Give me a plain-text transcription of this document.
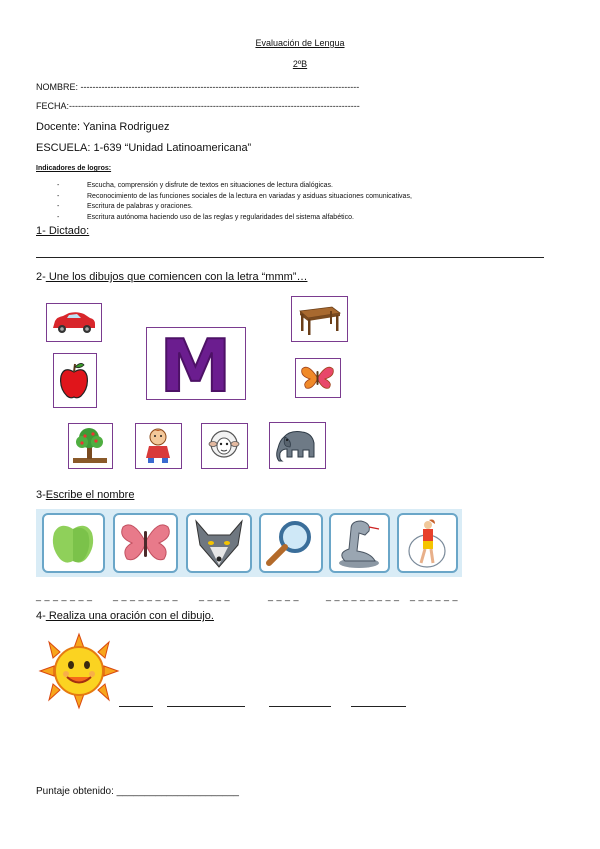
Evaluación de Lengua
2ºB
NOMBRE: ---------------------------------------------------------------------------------------------
FECHA:-------------------------------------------------------------------------------------------------
Docente: Yanina Rodriguez
ESCUELA: 1-639 “Unidad Latinoamericana”
Indicadores de logros:
- Escucha, comprensión y disfrute de textos en situaciones de lectura dialógicas.
- Reconocimiento de las funciones sociales de la lectura en variadas y asiduas situaciones comunicativas,
- Escritura de palabras y oraciones.
- Escritura autónoma haciendo uso de las reglas y regularidades del sistema alfabético.
1- Dictado:
2- Une los dibujos que comiencen con la letra “mmm”…
M
3-Escribe el nombre
_ _ _ _ _ _ _ _ _ _ _ _ _ _ _ _ _ _ _	_ _ _ _	_ _ _ _ _ _ _ _ _ _ _ _ _ _ _
4- Realiza una oración con el dibujo.
Puntaje obtenido: ______________________
